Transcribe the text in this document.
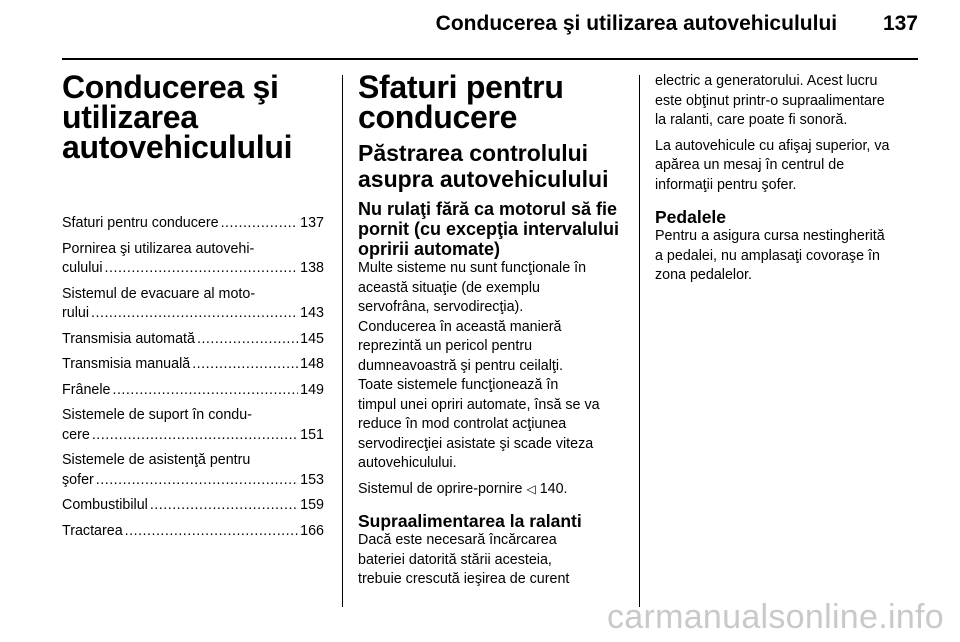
Conducerea şi utilizarea autovehiculului 137
Conducerea şi
utilizarea
autovehiculului
Sfaturi pentru conducere .....	137
Pornirea şi utilizarea autovehi-
culului .....	138
Sistemul de evacuare al moto-
rului .....	143
Transmisia automată .....	145
Transmisia manuală .....	148
Frânele .....	149
Sistemele de suport în condu-
cere .....	151
Sistemele de asistenţă pentru
şofer .....	153
Combustibilul .....	159
Tractarea .....	166
Sfaturi pentru
conducere
Păstrarea controlului
asupra autovehiculului
Nu rulaţi fără ca motorul să fie
pornit (cu excepţia intervalului
opririi automate)
Multe sisteme nu sunt funcţionale în
această situaţie (de exemplu
servofrâna, servodirecţia).
Conducerea în această manieră
reprezintă un pericol pentru
dumneavoastră şi pentru ceilalţi.
Toate sistemele funcţionează în
timpul unei opriri automate, însă se va
reduce în mod controlat acţiunea
servodirecţiei asistate şi scade viteza
autovehiculului.
Sistemul de oprire-pornire ◁ 140.
Supraalimentarea la ralanti
Dacă este necesară încărcarea
bateriei datorită stării acesteia,
trebuie crescută ieşirea de curent
electric a generatorului. Acest lucru
este obţinut printr-o supraalimentare
la ralanti, care poate fi sonoră.
La autovehicule cu afişaj superior, va
apărea un mesaj în centrul de
informaţii pentru şofer.
Pedalele
Pentru a asigura cursa nestingherită
a pedalei, nu amplasaţi covoraşe în
zona pedalelor.
carmanualsonline.info
